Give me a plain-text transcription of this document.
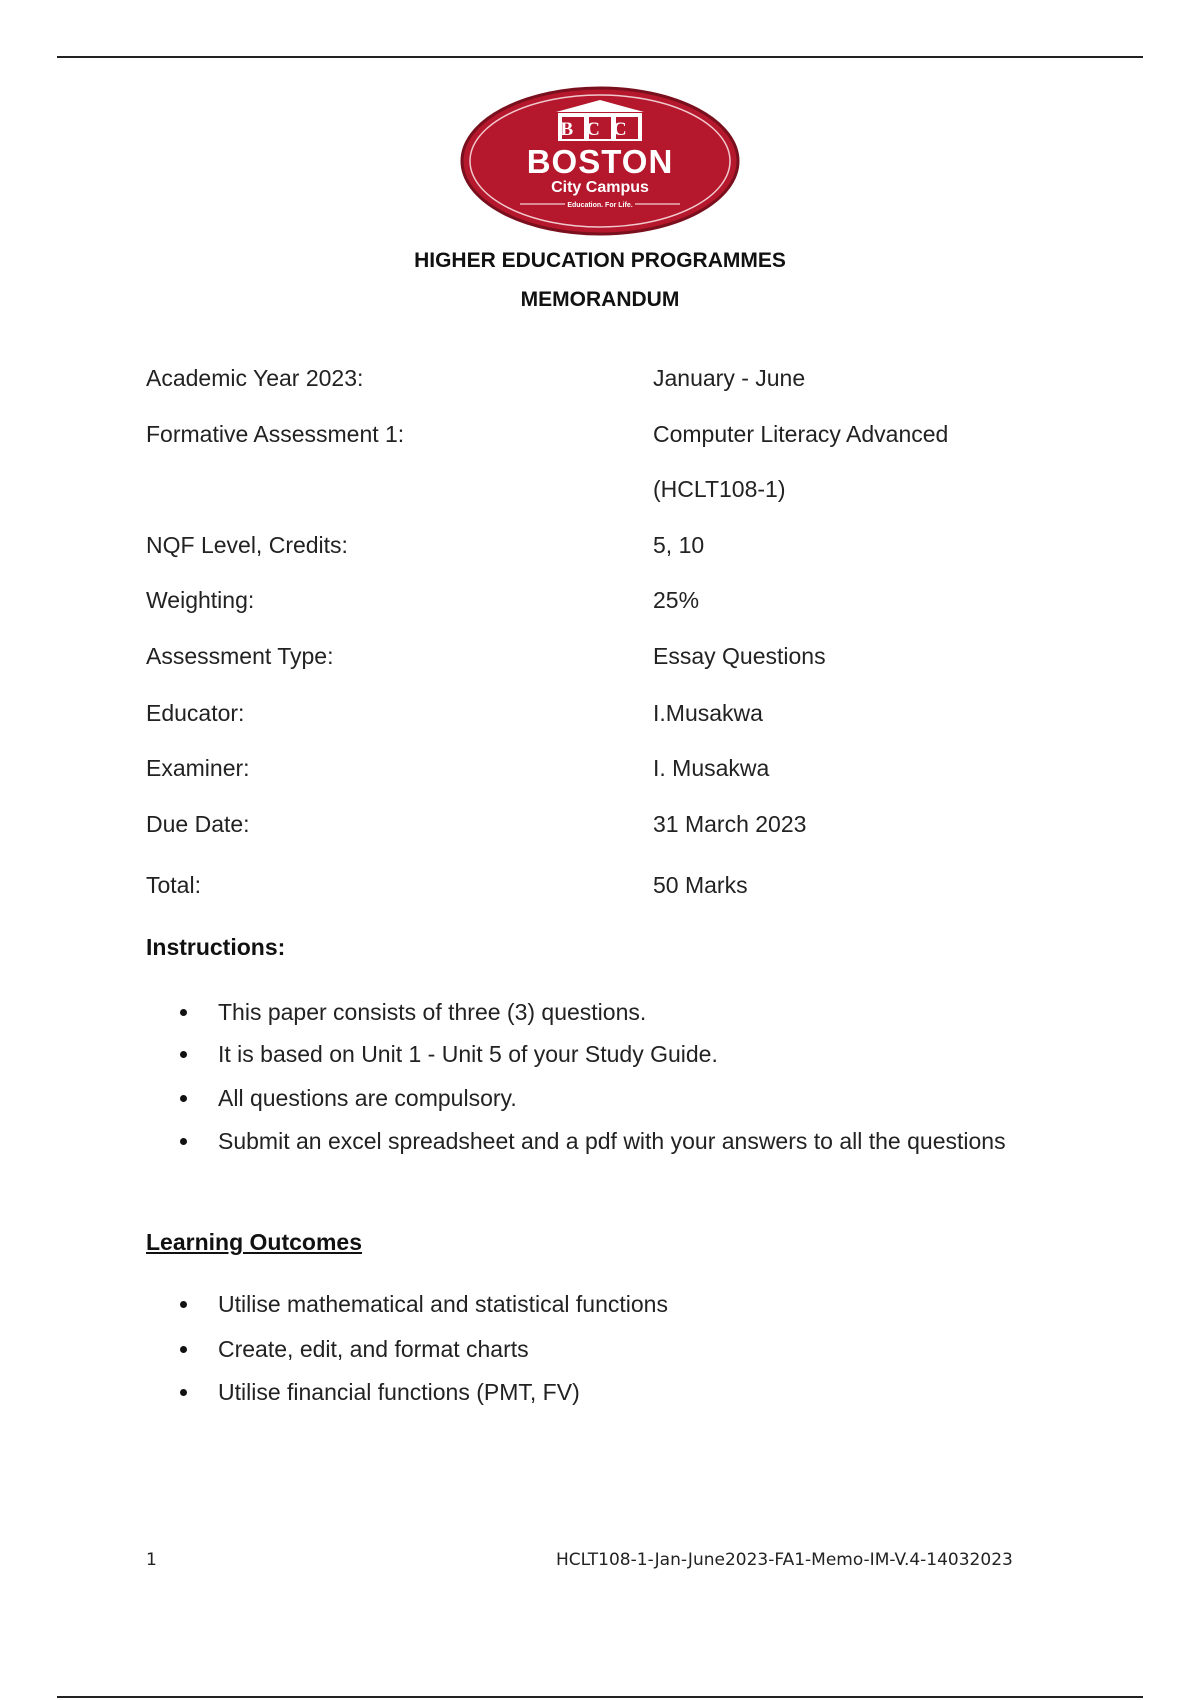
BCC
BOSTON
City Campus
Education. For Life.
HIGHER EDUCATION PROGRAMMES
MEMORANDUM
Academic Year 2023:	January - June
Formative Assessment 1:	Computer Literacy Advanced
(HCLT108-1)
NQF Level, Credits:	5, 10
Weighting:	25%
Assessment Type:	Essay Questions
Educator:	I.Musakwa
Examiner:	I. Musakwa
Due Date:	31 March 2023
Total:	50 Marks
Instructions:
This paper consists of three (3) questions.
It is based on Unit 1 - Unit 5 of your Study Guide.
All questions are compulsory.
Submit an excel spreadsheet and a pdf with your answers to all the questions
Learning Outcomes
Utilise mathematical and statistical functions
Create, edit, and format charts
Utilise financial functions (PMT, FV)
1	HCLT108-1-Jan-June2023-FA1-Memo-IM-V.4-14032023
